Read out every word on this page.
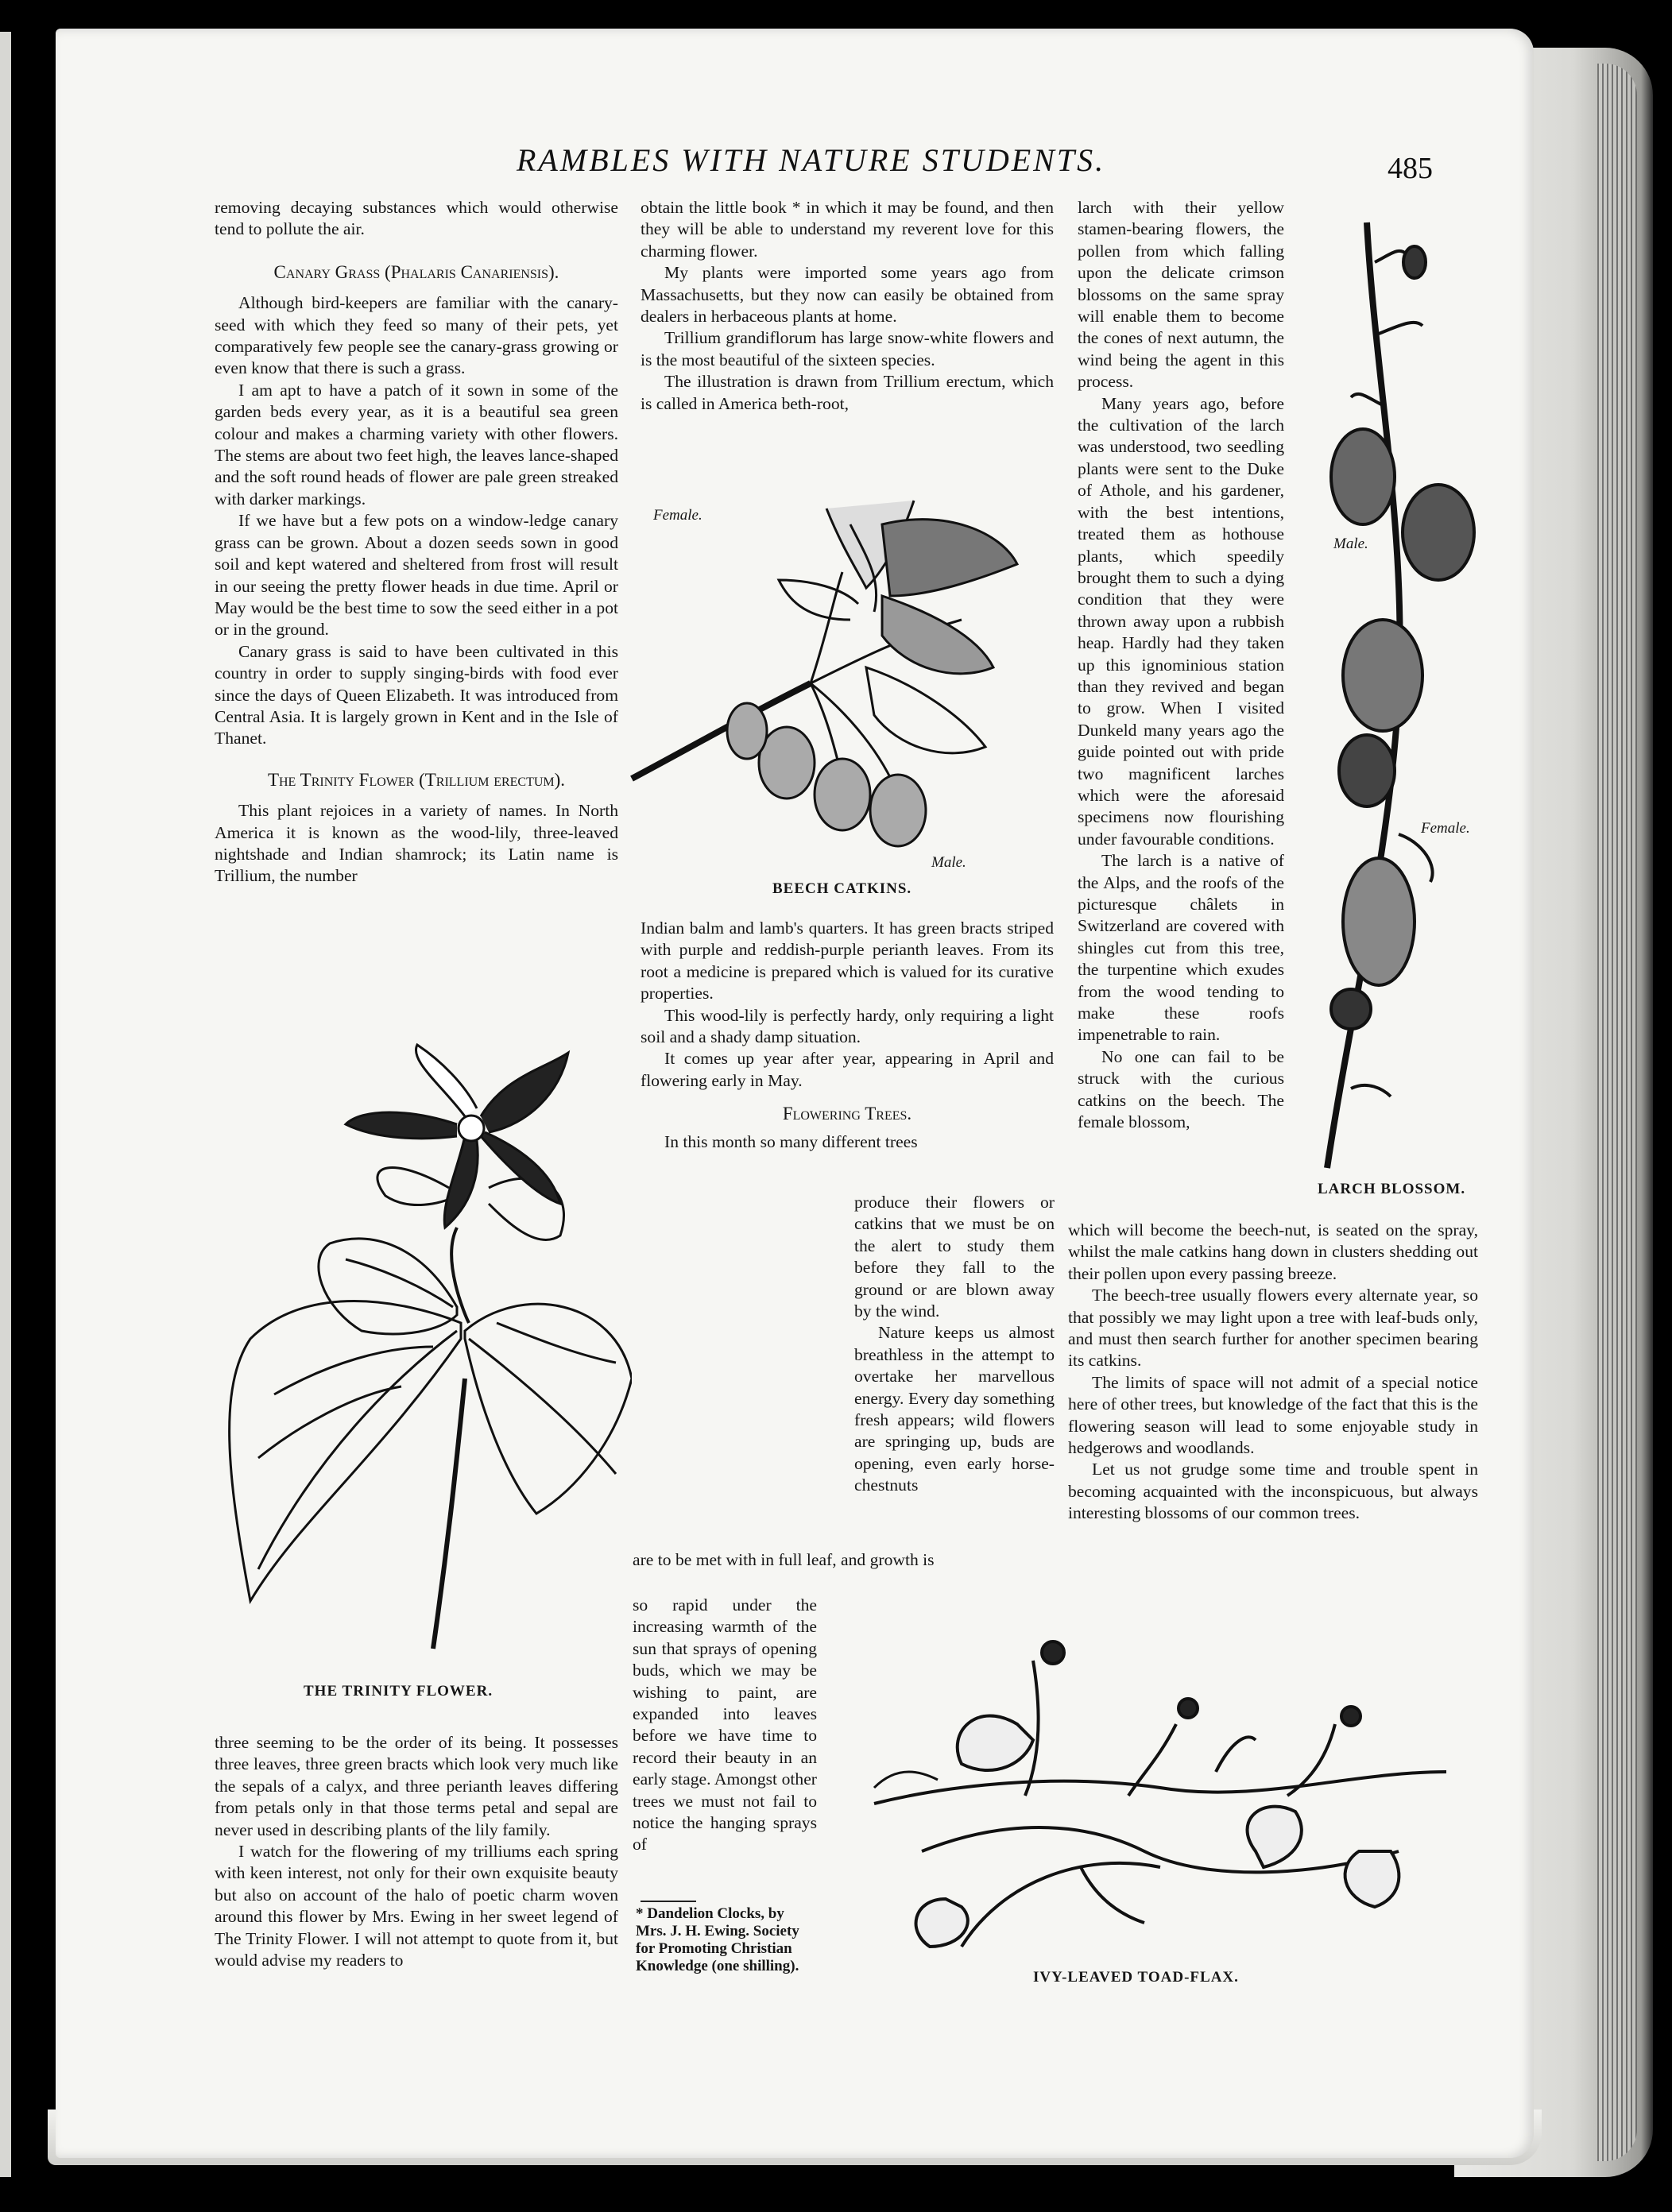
RAMBLES WITH NATURE STUDENTS.	485

removing decaying substances which would otherwise tend to pollute the air.

Canary Grass (Phalaris Canariensis).

Although bird-keepers are familiar with the canary-seed with which they feed so many of their pets, yet comparatively few people see the canary-grass growing or even know that there is such a grass.

I am apt to have a patch of it sown in some of the garden beds every year, as it is a beautiful sea green colour and makes a charming variety with other flowers. The stems are about two feet high, the leaves lance-shaped and the soft round heads of flower are pale green streaked with darker markings.

If we have but a few pots on a window-ledge canary grass can be grown. About a dozen seeds sown in good soil and kept watered and sheltered from frost will result in our seeing the pretty flower heads in due time. April or May would be the best time to sow the seed either in a pot or in the ground.

Canary grass is said to have been cultivated in this country in order to supply singing-birds with food ever since the days of Queen Elizabeth. It was introduced from Central Asia. It is largely grown in Kent and in the Isle of Thanet.

The Trinity Flower (Trillium erectum).

This plant rejoices in a variety of names. In North America it is known as the wood-lily, three-leaved nightshade and Indian shamrock; its Latin name is Trillium, the number

THE TRINITY FLOWER.

three seeming to be the order of its being. It possesses three leaves, three green bracts which look very much like the sepals of a calyx, and three perianth leaves differing from petals only in that those terms petal and sepal are never used in describing plants of the lily family.

I watch for the flowering of my trilliums each spring with keen interest, not only for their own exquisite beauty but also on account of the halo of poetic charm woven around this flower by Mrs. Ewing in her sweet legend of The Trinity Flower. I will not attempt to quote from it, but would advise my readers to

obtain the little book * in which it may be found, and then they will be able to understand my reverent love for this charming flower.

My plants were imported some years ago from Massachusetts, but they now can easily be obtained from dealers in herbaceous plants at home.

Trillium grandiflorum has large snow-white flowers and is the most beautiful of the sixteen species.

The illustration is drawn from Trillium erectum, which is called in America beth-root,

Female.
Male.
BEECH CATKINS.

Indian balm and lamb's quarters. It has green bracts striped with purple and reddish-purple perianth leaves. From its root a medicine is prepared which is valued for its curative properties.

This wood-lily is perfectly hardy, only requiring a light soil and a shady damp situation.

It comes up year after year, appearing in April and flowering early in May.

Flowering Trees.

In this month so many different trees

produce their flowers or catkins that we must be on the alert to study them before they fall to the ground or are blown away by the wind.

Nature keeps us almost breathless in the attempt to overtake her marvellous energy. Every day something fresh appears; wild flowers are springing up, buds are opening, even early horse-chestnuts

are to be met with in full leaf, and growth is

so rapid under the increasing warmth of the sun that sprays of opening buds, which we may be wishing to paint, are expanded into leaves before we have time to record their beauty in an early stage. Amongst other trees we must not fail to notice the hanging sprays of

* Dandelion Clocks, by Mrs. J. H. Ewing. Society for Promoting Christian Knowledge (one shilling).

larch with their yellow stamen-bearing flowers, the pollen from which falling upon the delicate crimson blossoms on the same spray will enable them to become the cones of next autumn, the wind being the agent in this process.

Many years ago, before the cultivation of the larch was understood, two seedling plants were sent to the Duke of Athole, and his gardener, with the best intentions, treated them as hothouse plants, which speedily brought them to such a dying condition that they were thrown away upon a rubbish heap. Hardly had they taken up this ignominious station than they revived and began to grow. When I visited Dunkeld many years ago the guide pointed out with pride two magnificent larches which were the aforesaid specimens now flourishing under favourable conditions.

The larch is a native of the Alps, and the roofs of the picturesque châlets in Switzerland are covered with shingles cut from this tree, the turpentine which exudes from the wood tending to make these roofs impenetrable to rain.

No one can fail to be struck with the curious catkins on the beech. The female blossom,

Male.
Female.
LARCH BLOSSOM.

which will become the beech-nut, is seated on the spray, whilst the male catkins hang down in clusters shedding out their pollen upon every passing breeze.

The beech-tree usually flowers every alternate year, so that possibly we may light upon a tree with leaf-buds only, and must then search further for another specimen bearing its catkins.

The limits of space will not admit of a special notice here of other trees, but knowledge of the fact that this is the flowering season will lead to some enjoyable study in hedgerows and woodlands.

Let us not grudge some time and trouble spent in becoming acquainted with the inconspicuous, but always interesting blossoms of our common trees.

IVY-LEAVED TOAD-FLAX.
